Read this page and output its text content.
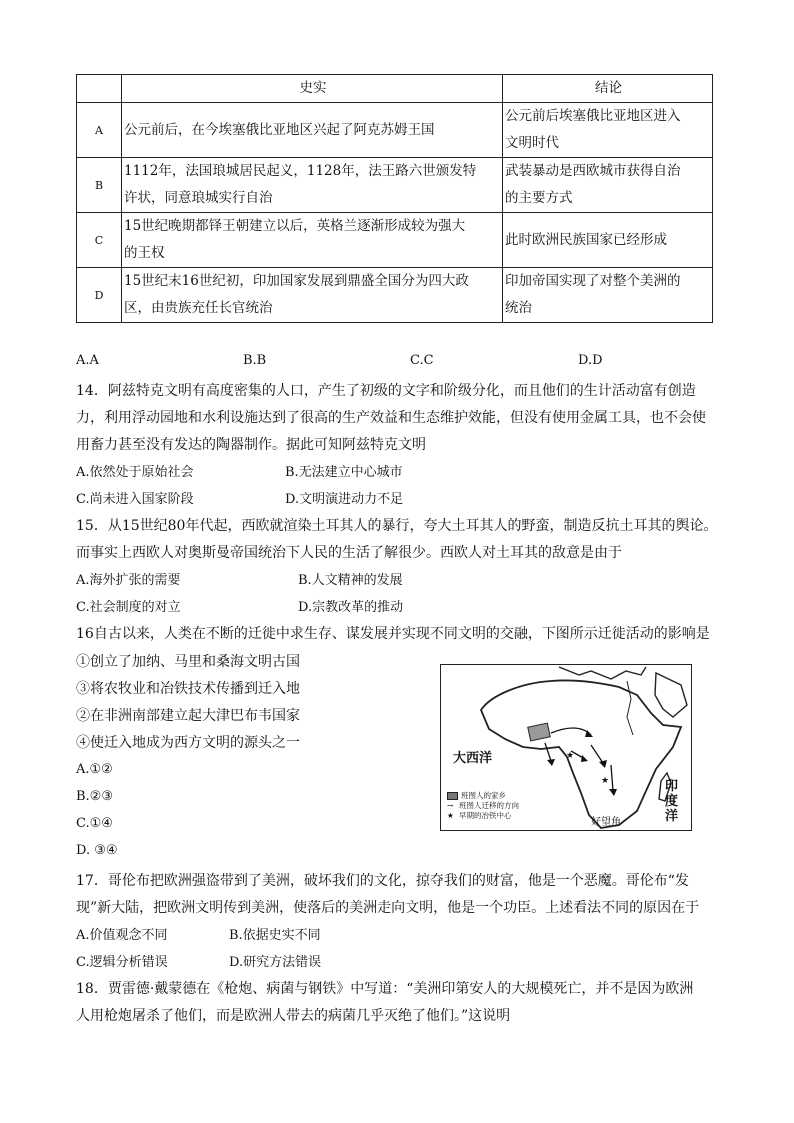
	史实	结论
A	公元前后，在今埃塞俄比亚地区兴起了阿克苏姆王国	公元前后埃塞俄比亚地区进入
文明时代
B	1112年，法国琅城居民起义，1128年，法王路六世颁发特
许状，同意琅城实行自治	武装暴动是西欧城市获得自治
的主要方式
C	15世纪晚期都铎王朝建立以后，英格兰逐渐形成较为强大
的王权	此时欧洲民族国家已经形成
D	15世纪末16世纪初，印加国家发展到鼎盛全国分为四大政
区，由贵族充任长官统治	印加帝国实现了对整个美洲的
统治
A.A	B.B	C.C	D.D
14．阿兹特克文明有高度密集的人口，产生了初级的文字和阶级分化，而且他们的生计活动富有创造
力，利用浮动园地和水利设施达到了很高的生产效益和生态维护效能，但没有使用金属工具，也不会使
用畜力甚至没有发达的陶器制作。据此可知阿兹特克文明
A.依然处于原始社会	B.无法建立中心城市
C.尚未进入国家阶段	D.文明演进动力不足
15．从15世纪80年代起，西欧就渲染土耳其人的暴行，夸大土耳其人的野蛮，制造反抗土耳其的舆论。
而事实上西欧人对奥斯曼帝国统治下人民的生活了解很少。西欧人对土耳其的敌意是由于
A.海外扩张的需要	B.人文精神的发展
C.社会制度的对立	D.宗教改革的推动
16自古以来，人类在不断的迁徙中求生存、谋发展并实现不同文明的交融，下图所示迁徙活动的影响是
①创立了加纳、马里和桑海文明古国
③将农牧业和冶铁技术传播到迁入地
②在非洲南部建立起大津巴布韦国家
④使迁入地成为西方文明的源头之一
A.①②
B.②③
C.①④
D. ③④
★
★
大西洋
印度洋
好望角
班图人的家乡
→ 班图人迁移的方向
★ 早期的冶铁中心
17．哥伦布把欧洲强盗带到了美洲，破坏我们的文化，掠夺我们的财富，他是一个恶魔。哥伦布“发
现”新大陆，把欧洲文明传到美洲，使落后的美洲走向文明，他是一个功臣。上述看法不同的原因在于
A.价值观念不同	B.依据史实不同
C.逻辑分析错误	D.研究方法错误
18．贾雷德·戴蒙德在《枪炮、病菌与钢铁》中写道：“美洲印第安人的大规模死亡，并不是因为欧洲
人用枪炮屠杀了他们，而是欧洲人带去的病菌几乎灭绝了他们。”这说明
